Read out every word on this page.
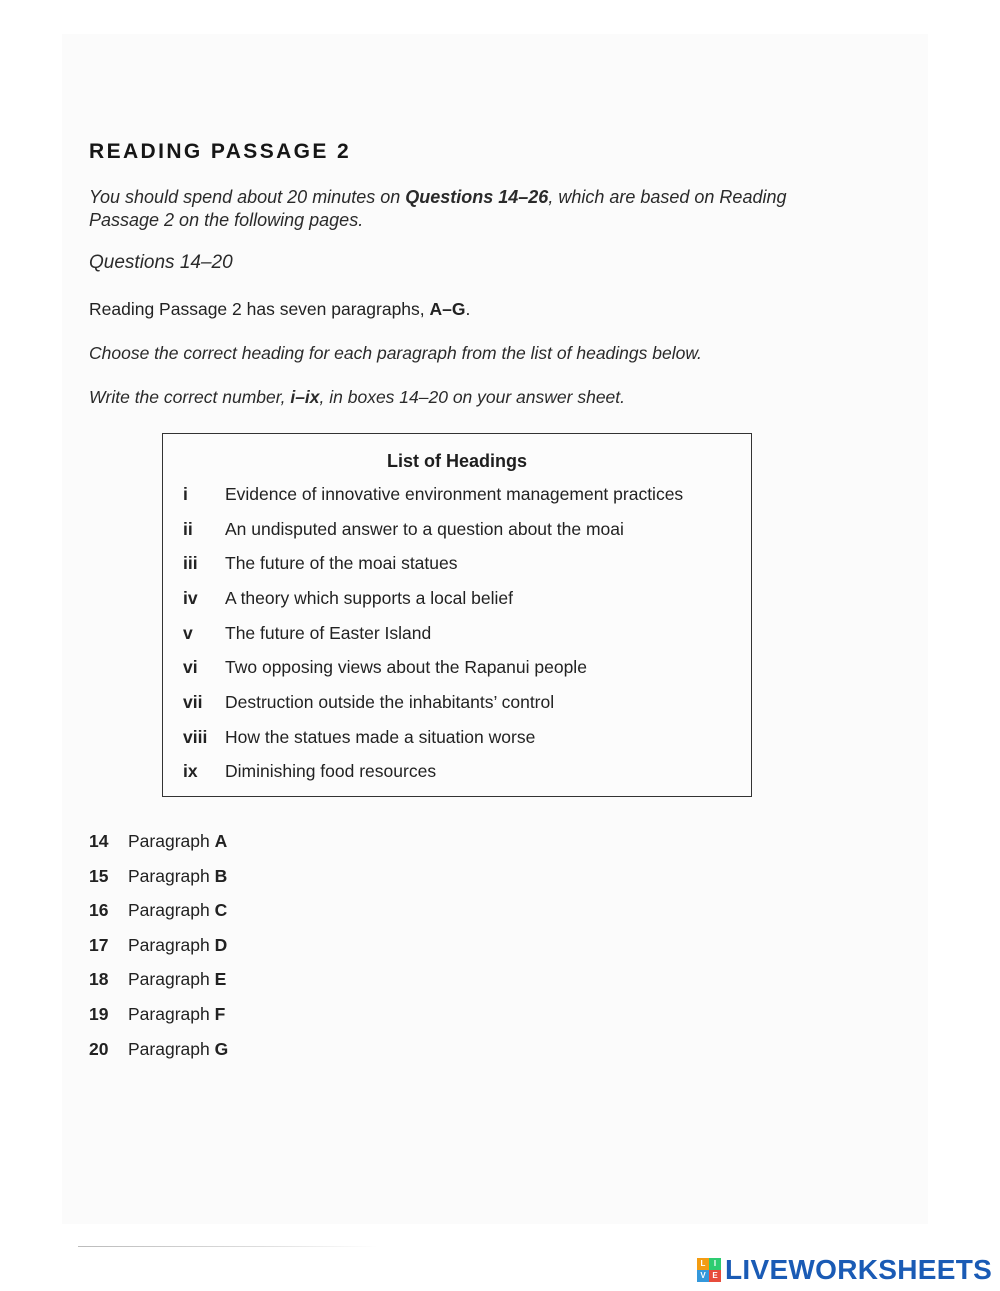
READING PASSAGE 2
You should spend about 20 minutes on Questions 14–26, which are based on Reading Passage 2 on the following pages.
Questions 14–20
Reading Passage 2 has seven paragraphs, A–G.
Choose the correct heading for each paragraph from the list of headings below.
Write the correct number, i–ix, in boxes 14–20 on your answer sheet.
List of Headings
i Evidence of innovative environment management practices
ii An undisputed answer to a question about the moai
iii The future of the moai statues
iv A theory which supports a local belief
v The future of Easter Island
vi Two opposing views about the Rapanui people
vii Destruction outside the inhabitants’ control
viii How the statues made a situation worse
ix Diminishing food resources
14 Paragraph A
15 Paragraph B
16 Paragraph C
17 Paragraph D
18 Paragraph E
19 Paragraph F
20 Paragraph G
L	I
V E LIVEWORKSHEETS
